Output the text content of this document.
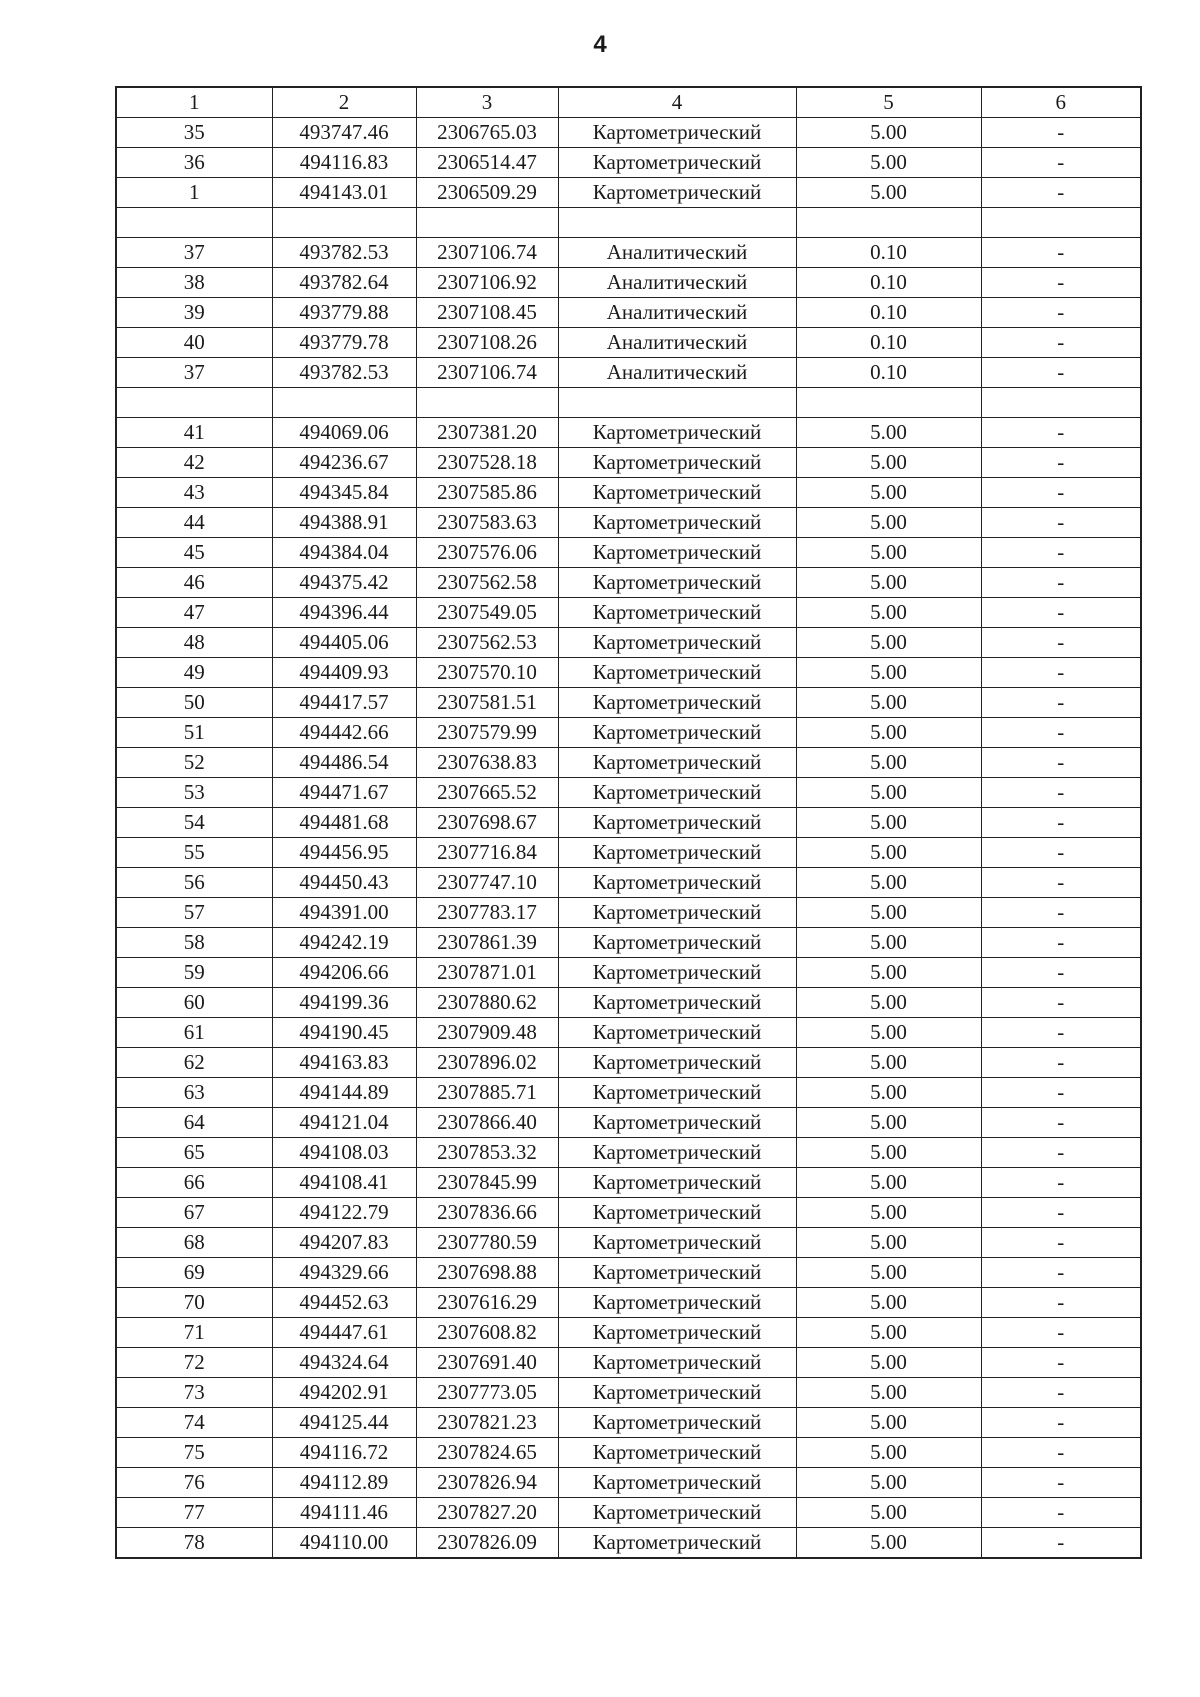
4
1	2	3	4	5	6
35	493747.46	2306765.03	Картометрический	5.00	-
36	494116.83	2306514.47	Картометрический	5.00	-
1	494143.01	2306509.29	Картометрический	5.00	-

37	493782.53	2307106.74	Аналитический	0.10	-
38	493782.64	2307106.92	Аналитический	0.10	-
39	493779.88	2307108.45	Аналитический	0.10	-
40	493779.78	2307108.26	Аналитический	0.10	-
37	493782.53	2307106.74	Аналитический	0.10	-

41	494069.06	2307381.20	Картометрический	5.00	-
42	494236.67	2307528.18	Картометрический	5.00	-
43	494345.84	2307585.86	Картометрический	5.00	-
44	494388.91	2307583.63	Картометрический	5.00	-
45	494384.04	2307576.06	Картометрический	5.00	-
46	494375.42	2307562.58	Картометрический	5.00	-
47	494396.44	2307549.05	Картометрический	5.00	-
48	494405.06	2307562.53	Картометрический	5.00	-
49	494409.93	2307570.10	Картометрический	5.00	-
50	494417.57	2307581.51	Картометрический	5.00	-
51	494442.66	2307579.99	Картометрический	5.00	-
52	494486.54	2307638.83	Картометрический	5.00	-
53	494471.67	2307665.52	Картометрический	5.00	-
54	494481.68	2307698.67	Картометрический	5.00	-
55	494456.95	2307716.84	Картометрический	5.00	-
56	494450.43	2307747.10	Картометрический	5.00	-
57	494391.00	2307783.17	Картометрический	5.00	-
58	494242.19	2307861.39	Картометрический	5.00	-
59	494206.66	2307871.01	Картометрический	5.00	-
60	494199.36	2307880.62	Картометрический	5.00	-
61	494190.45	2307909.48	Картометрический	5.00	-
62	494163.83	2307896.02	Картометрический	5.00	-
63	494144.89	2307885.71	Картометрический	5.00	-
64	494121.04	2307866.40	Картометрический	5.00	-
65	494108.03	2307853.32	Картометрический	5.00	-
66	494108.41	2307845.99	Картометрический	5.00	-
67	494122.79	2307836.66	Картометрический	5.00	-
68	494207.83	2307780.59	Картометрический	5.00	-
69	494329.66	2307698.88	Картометрический	5.00	-
70	494452.63	2307616.29	Картометрический	5.00	-
71	494447.61	2307608.82	Картометрический	5.00	-
72	494324.64	2307691.40	Картометрический	5.00	-
73	494202.91	2307773.05	Картометрический	5.00	-
74	494125.44	2307821.23	Картометрический	5.00	-
75	494116.72	2307824.65	Картометрический	5.00	-
76	494112.89	2307826.94	Картометрический	5.00	-
77	494111.46	2307827.20	Картометрический	5.00	-
78	494110.00	2307826.09	Картометрический	5.00	-
